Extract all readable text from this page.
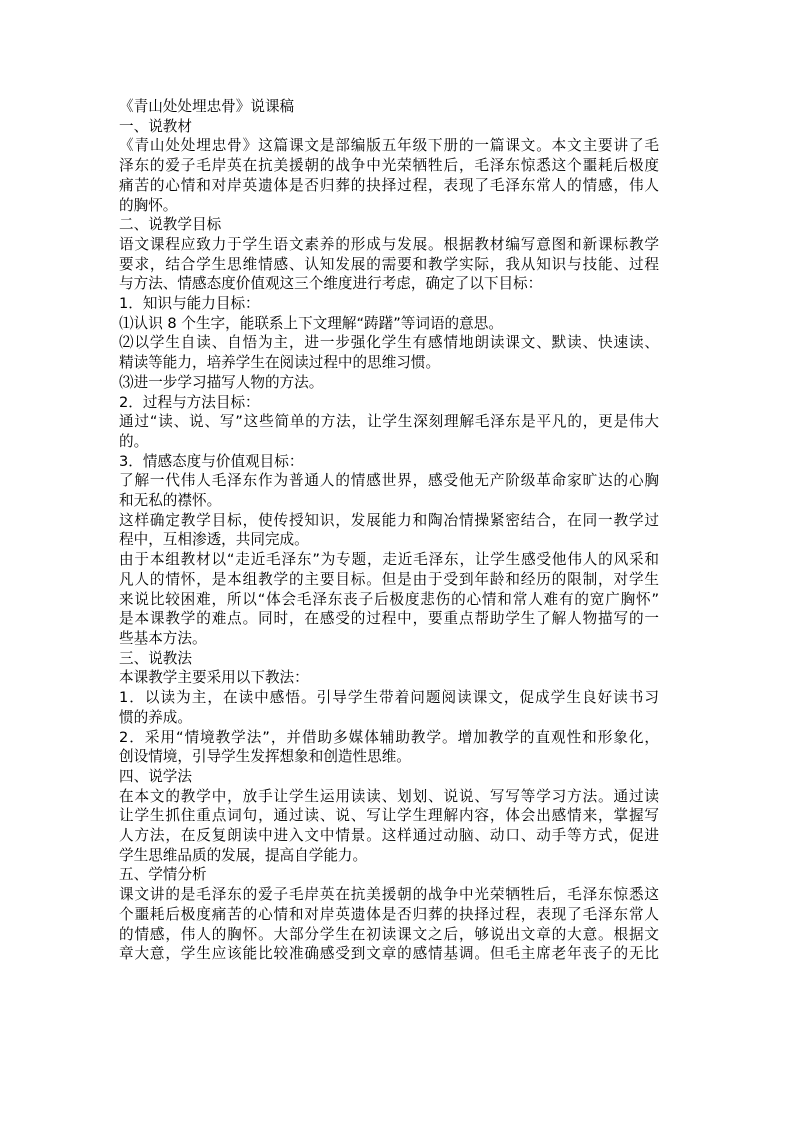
《青山处处埋忠骨》说课稿
一、说教材
《青山处处埋忠骨》这篇课文是部编版五年级下册的一篇课文。本文主要讲了毛
泽东的爱子毛岸英在抗美援朝的战争中光荣牺牲后，毛泽东惊悉这个噩耗后极度
痛苦的心情和对岸英遗体是否归葬的抉择过程，表现了毛泽东常人的情感，伟人
的胸怀。
二、说教学目标
语文课程应致力于学生语文素养的形成与发展。根据教材编写意图和新课标教学
要求，结合学生思维情感、认知发展的需要和教学实际，我从知识与技能、过程
与方法、情感态度价值观这三个维度进行考虑，确定了以下目标：
1．知识与能力目标：
⑴认识 8 个生字，能联系上下文理解“踌躇”等词语的意思。
⑵以学生自读、自悟为主，进一步强化学生有感情地朗读课文、默读、快速读、
精读等能力，培养学生在阅读过程中的思维习惯。
⑶进一步学习描写人物的方法。
2．过程与方法目标：
通过“读、说、写”这些简单的方法，让学生深刻理解毛泽东是平凡的，更是伟大
的。
3．情感态度与价值观目标：
了解一代伟人毛泽东作为普通人的情感世界，感受他无产阶级革命家旷达的心胸
和无私的襟怀。
这样确定教学目标，使传授知识，发展能力和陶冶情操紧密结合，在同一教学过
程中，互相渗透，共同完成。
由于本组教材以“走近毛泽东”为专题，走近毛泽东，让学生感受他伟人的风采和
凡人的情怀，是本组教学的主要目标。但是由于受到年龄和经历的限制，对学生
来说比较困难，所以“体会毛泽东丧子后极度悲伤的心情和常人难有的宽广胸怀”
是本课教学的难点。同时，在感受的过程中，要重点帮助学生了解人物描写的一
些基本方法。
三、说教法
本课教学主要采用以下教法：
1．以读为主，在读中感悟。引导学生带着问题阅读课文，促成学生良好读书习
惯的养成。
2．采用“情境教学法”，并借助多媒体辅助教学。增加教学的直观性和形象化，
创设情境，引导学生发挥想象和创造性思维。
四、说学法
在本文的教学中，放手让学生运用读读、划划、说说、写写等学习方法。通过读
让学生抓住重点词句，通过读、说、写让学生理解内容，体会出感情来，掌握写
人方法，在反复朗读中进入文中情景。这样通过动脑、动口、动手等方式，促进
学生思维品质的发展，提高自学能力。
五、学情分析
课文讲的是毛泽东的爱子毛岸英在抗美援朝的战争中光荣牺牲后，毛泽东惊悉这
个噩耗后极度痛苦的心情和对岸英遗体是否归葬的抉择过程，表现了毛泽东常人
的情感，伟人的胸怀。大部分学生在初读课文之后，够说出文章的大意。根据文
章大意，学生应该能比较准确感受到文章的感情基调。但毛主席老年丧子的无比
